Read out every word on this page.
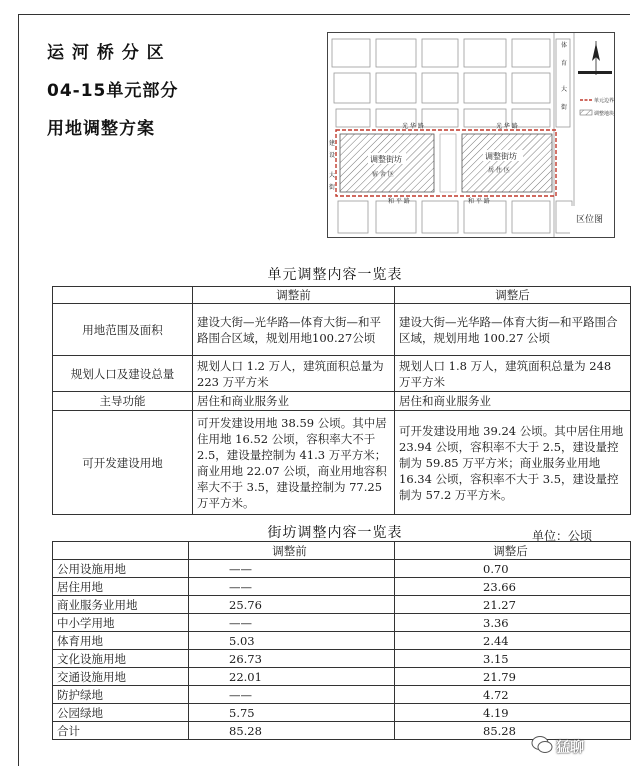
运 河 桥 分 区
04-15单元部分
用地调整方案
调整街坊	调整街坊
宿 舍 区
居 住 区
光 华 路	光 华 路
和 平 路	和 平 路
建
设
大
街
体
育
大
街
单元边界
调整地块
区位图
单元调整内容一览表
	调整前	调整后
用地范围及面积	建设大街—光华路—体育大街—和平路围合区域，规划用地100.27公顷	建设大街—光华路—体育大街—和平路围合区域，规划用地 100.27 公顷
规划人口及建设总量	规划人口 1.2 万人，建筑面积总量为 223 万平方米	规划人口 1.8 万人，建筑面积总量为 248 万平方米
主导功能	居住和商业服务业	居住和商业服务业
可开发建设用地	可开发建设用地 38.59 公顷。其中居住用地 16.52 公顷，容积率大不于 2.5，建设量控制为 41.3 万平方米；商业用地 22.07 公顷，商业用地容积率大不于 3.5，建设量控制为 77.25 万平方米。	可开发建设用地 39.24 公顷。其中居住用地 23.94 公顷，容积率不大于 2.5，建设量控制为 59.85 万平方米；商业服务业用地 16.34 公顷，容积率不大于 3.5，建设量控制为 57.2 万平方米。
街坊调整内容一览表	单位：公顷
	调整前	调整后
公用设施用地	——	0.70
居住用地	——	23.66
商业服务业用地	25.76	21.27
中小学用地	——	3.36
体育用地	5.03	2.44
文化设施用地	26.73	3.15
交通设施用地	22.01	21.79
防护绿地	——	4.72
公园绿地	5.75	4.19
合计	85.28	85.28
猛聊
